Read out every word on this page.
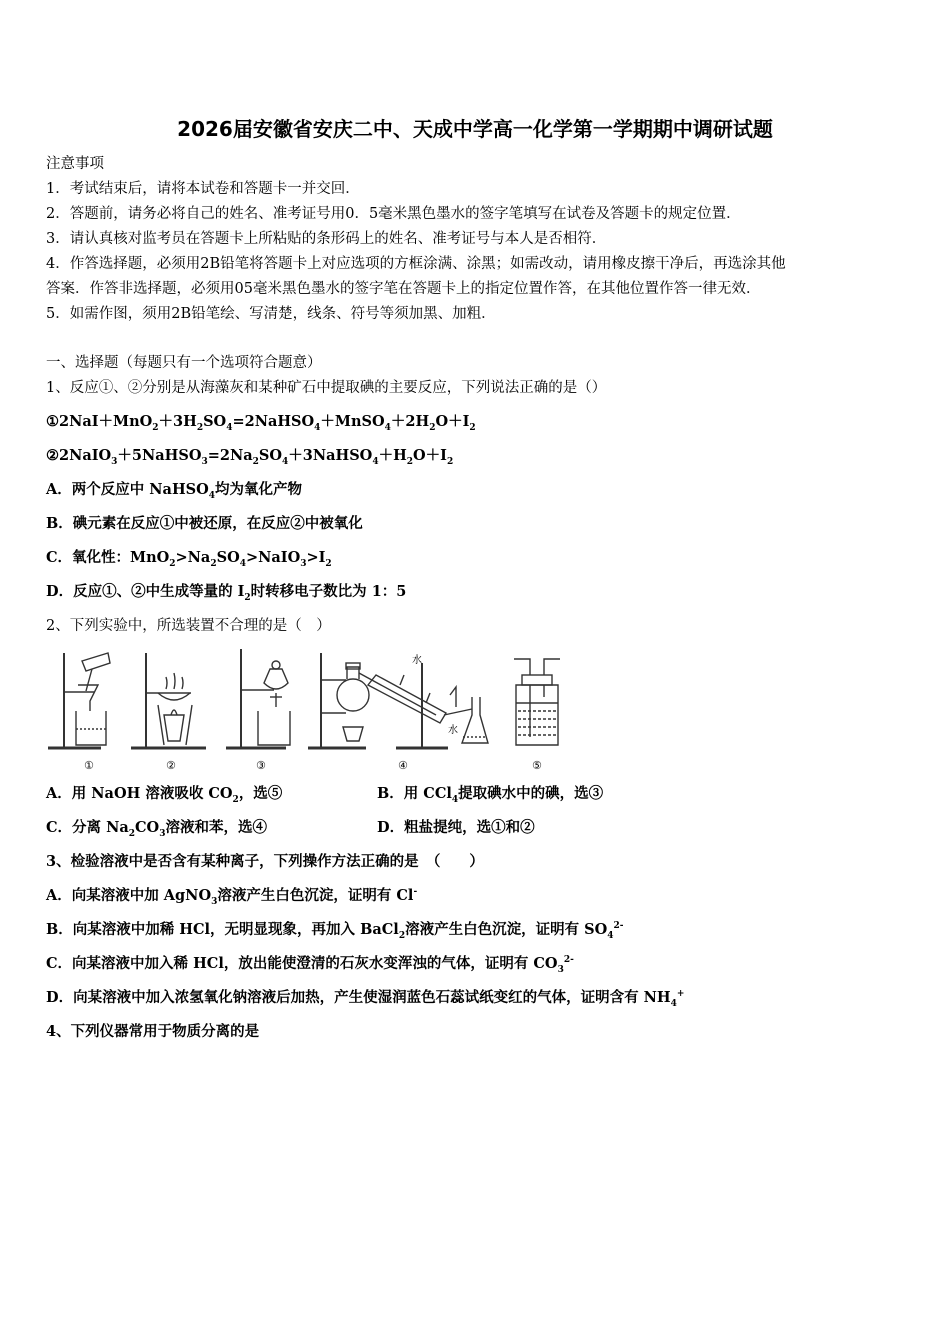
2026届安徽省安庆二中、天成中学高一化学第一学期期中调研试题
注意事项
1．考试结束后，请将本试卷和答题卡一并交回．
2．答题前，请务必将自己的姓名、准考证号用0．5毫米黑色墨水的签字笔填写在试卷及答题卡的规定位置．
3．请认真核对监考员在答题卡上所粘贴的条形码上的姓名、准考证号与本人是否相符．
4．作答选择题，必须用2B铅笔将答题卡上对应选项的方框涂满、涂黑；如需改动，请用橡皮擦干净后，再选涂其他
答案．作答非选择题，必须用05毫米黑色墨水的签字笔在答题卡上的指定位置作答，在其他位置作答一律无效．
5．如需作图，须用2B铅笔绘、写清楚，线条、符号等须加黑、加粗．
一、选择题（每题只有一个选项符合题意）
1、反应①、②分别是从海藻灰和某种矿石中提取碘的主要反应，下列说法正确的是（）
$①2NaI+MnO_2+3H_2SO_4=2NaHSO_4+MnSO_4+2H_2O+I_2$
$②2NaIO_3+5NaHSO_3=2Na_2SO_4+3NaHSO_4+H_2O+I_2$
A．两个反应中 NaHSO$_4$均为氧化产物
B．碘元素在反应①中被还原，在反应②中被氧化
C．氧化性：$MnO_2>Na_2SO_4>NaIO_3>I_2$
D．反应①、②中生成等量的 $I_2$时转移电子数比为 1：5
2、下列实验中，所选装置不合理的是（　）
水
水
①	②	③	④	⑤
A．用 NaOH 溶液吸收 $CO_2$，选⑤	B．用 CCl$_4$提取碘水中的碘，选③
C．分离 $Na_2CO_3$溶液和苯，选④	D．粗盐提纯，选①和②
3、检验溶液中是否含有某种离子，下列操作方法正确的是　（　　）
A．向某溶液中加 AgNO$_3$溶液产生白色沉淀，证明有 Cl-
B．向某溶液中加稀 HCl，无明显现象，再加入 BaCl$_2$溶液产生白色沉淀，证明有 $SO_4^{2-}$
C．向某溶液中加入稀 HCl，放出能使澄清的石灰水变浑浊的气体，证明有 $CO_3^{2-}$
D．向某溶液中加入浓氢氧化钠溶液后加热，产生使湿润蓝色石蕊试纸变红的气体，证明含有 $NH_4^+$
4、下列仪器常用于物质分离的是
